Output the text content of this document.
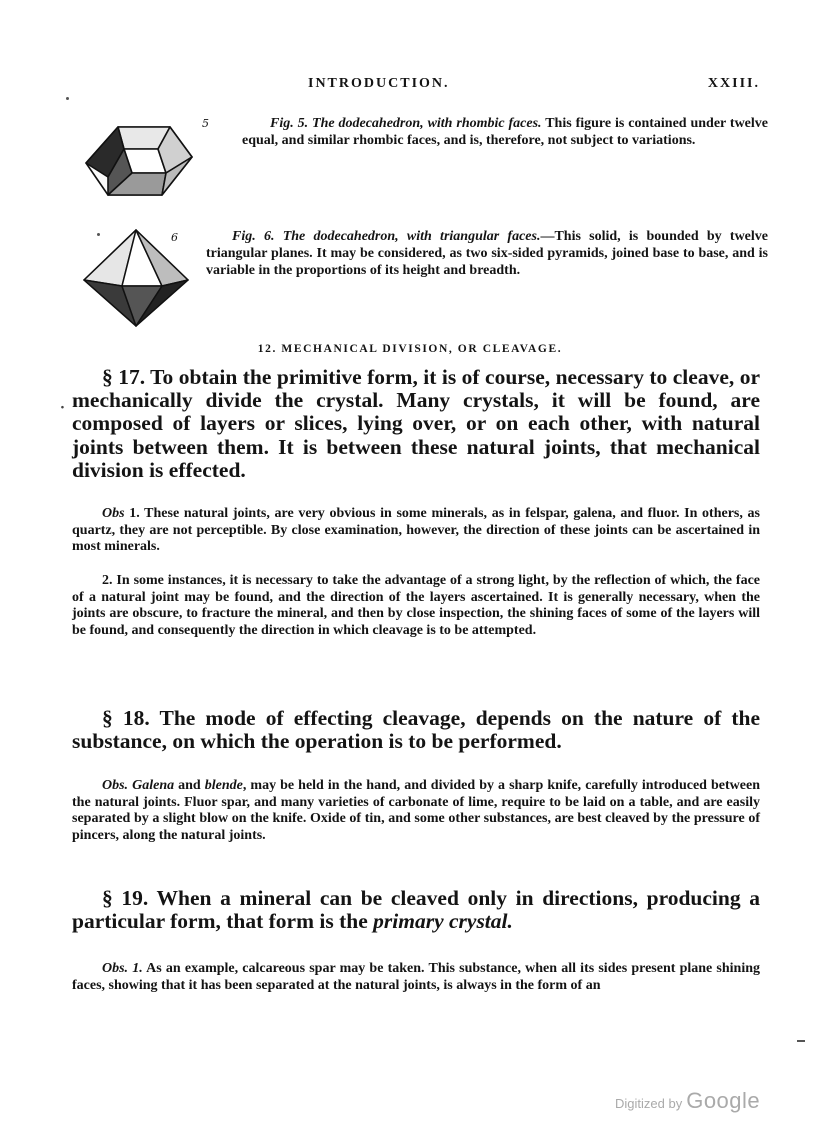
INTRODUCTION.	XXIII.
5	Fig. 5. The dodecahedron, with rhombic faces. This figure is contained under twelve equal, and similar rhombic faces, and is, therefore, not subject to variations.
6	Fig. 6. The dodecahedron, with triangular faces.—This solid, is bounded by twelve triangular planes. It may be considered, as two six-sided pyramids, joined base to base, and is variable in the proportions of its height and breadth.
12. MECHANICAL DIVISION, OR CLEAVAGE.

§ 17. To obtain the primitive form, it is of course, necessary to cleave, or mechanically divide the crystal. Many crystals, it will be found, are composed of layers or slices, lying over, or on each other, with natural joints between them. It is between these natural joints, that mechanical division is effected.

·

Obs 1. These natural joints, are very obvious in some minerals, as in felspar, galena, and fluor. In others, as quartz, they are not perceptible. By close examination, however, the direction of these joints can be ascertained in most minerals.

2. In some instances, it is necessary to take the advantage of a strong light, by the reflection of which, the face of a natural joint may be found, and the direction of the layers ascertained. It is generally necessary, when the joints are obscure, to fracture the mineral, and then by close inspection, the shining faces of some of the layers will be found, and consequently the direction in which cleavage is to be attempted.

§ 18. The mode of effecting cleavage, depends on the nature of the substance, on which the operation is to be performed.

Obs. Galena and blende, may be held in the hand, and divided by a sharp knife, carefully introduced between the natural joints. Fluor spar, and many varieties of carbonate of lime, require to be laid on a table, and are easily separated by a slight blow on the knife. Oxide of tin, and some other substances, are best cleaved by the pressure of pincers, along the natural joints.

§ 19. When a mineral can be cleaved only in directions, producing a particular form, that form is the primary crystal.

Obs. 1. As an example, calcareous spar may be taken. This substance, when all its sides present plane shining faces, showing that it has been separated at the natural joints, is always in the form of an

Digitized by Google
